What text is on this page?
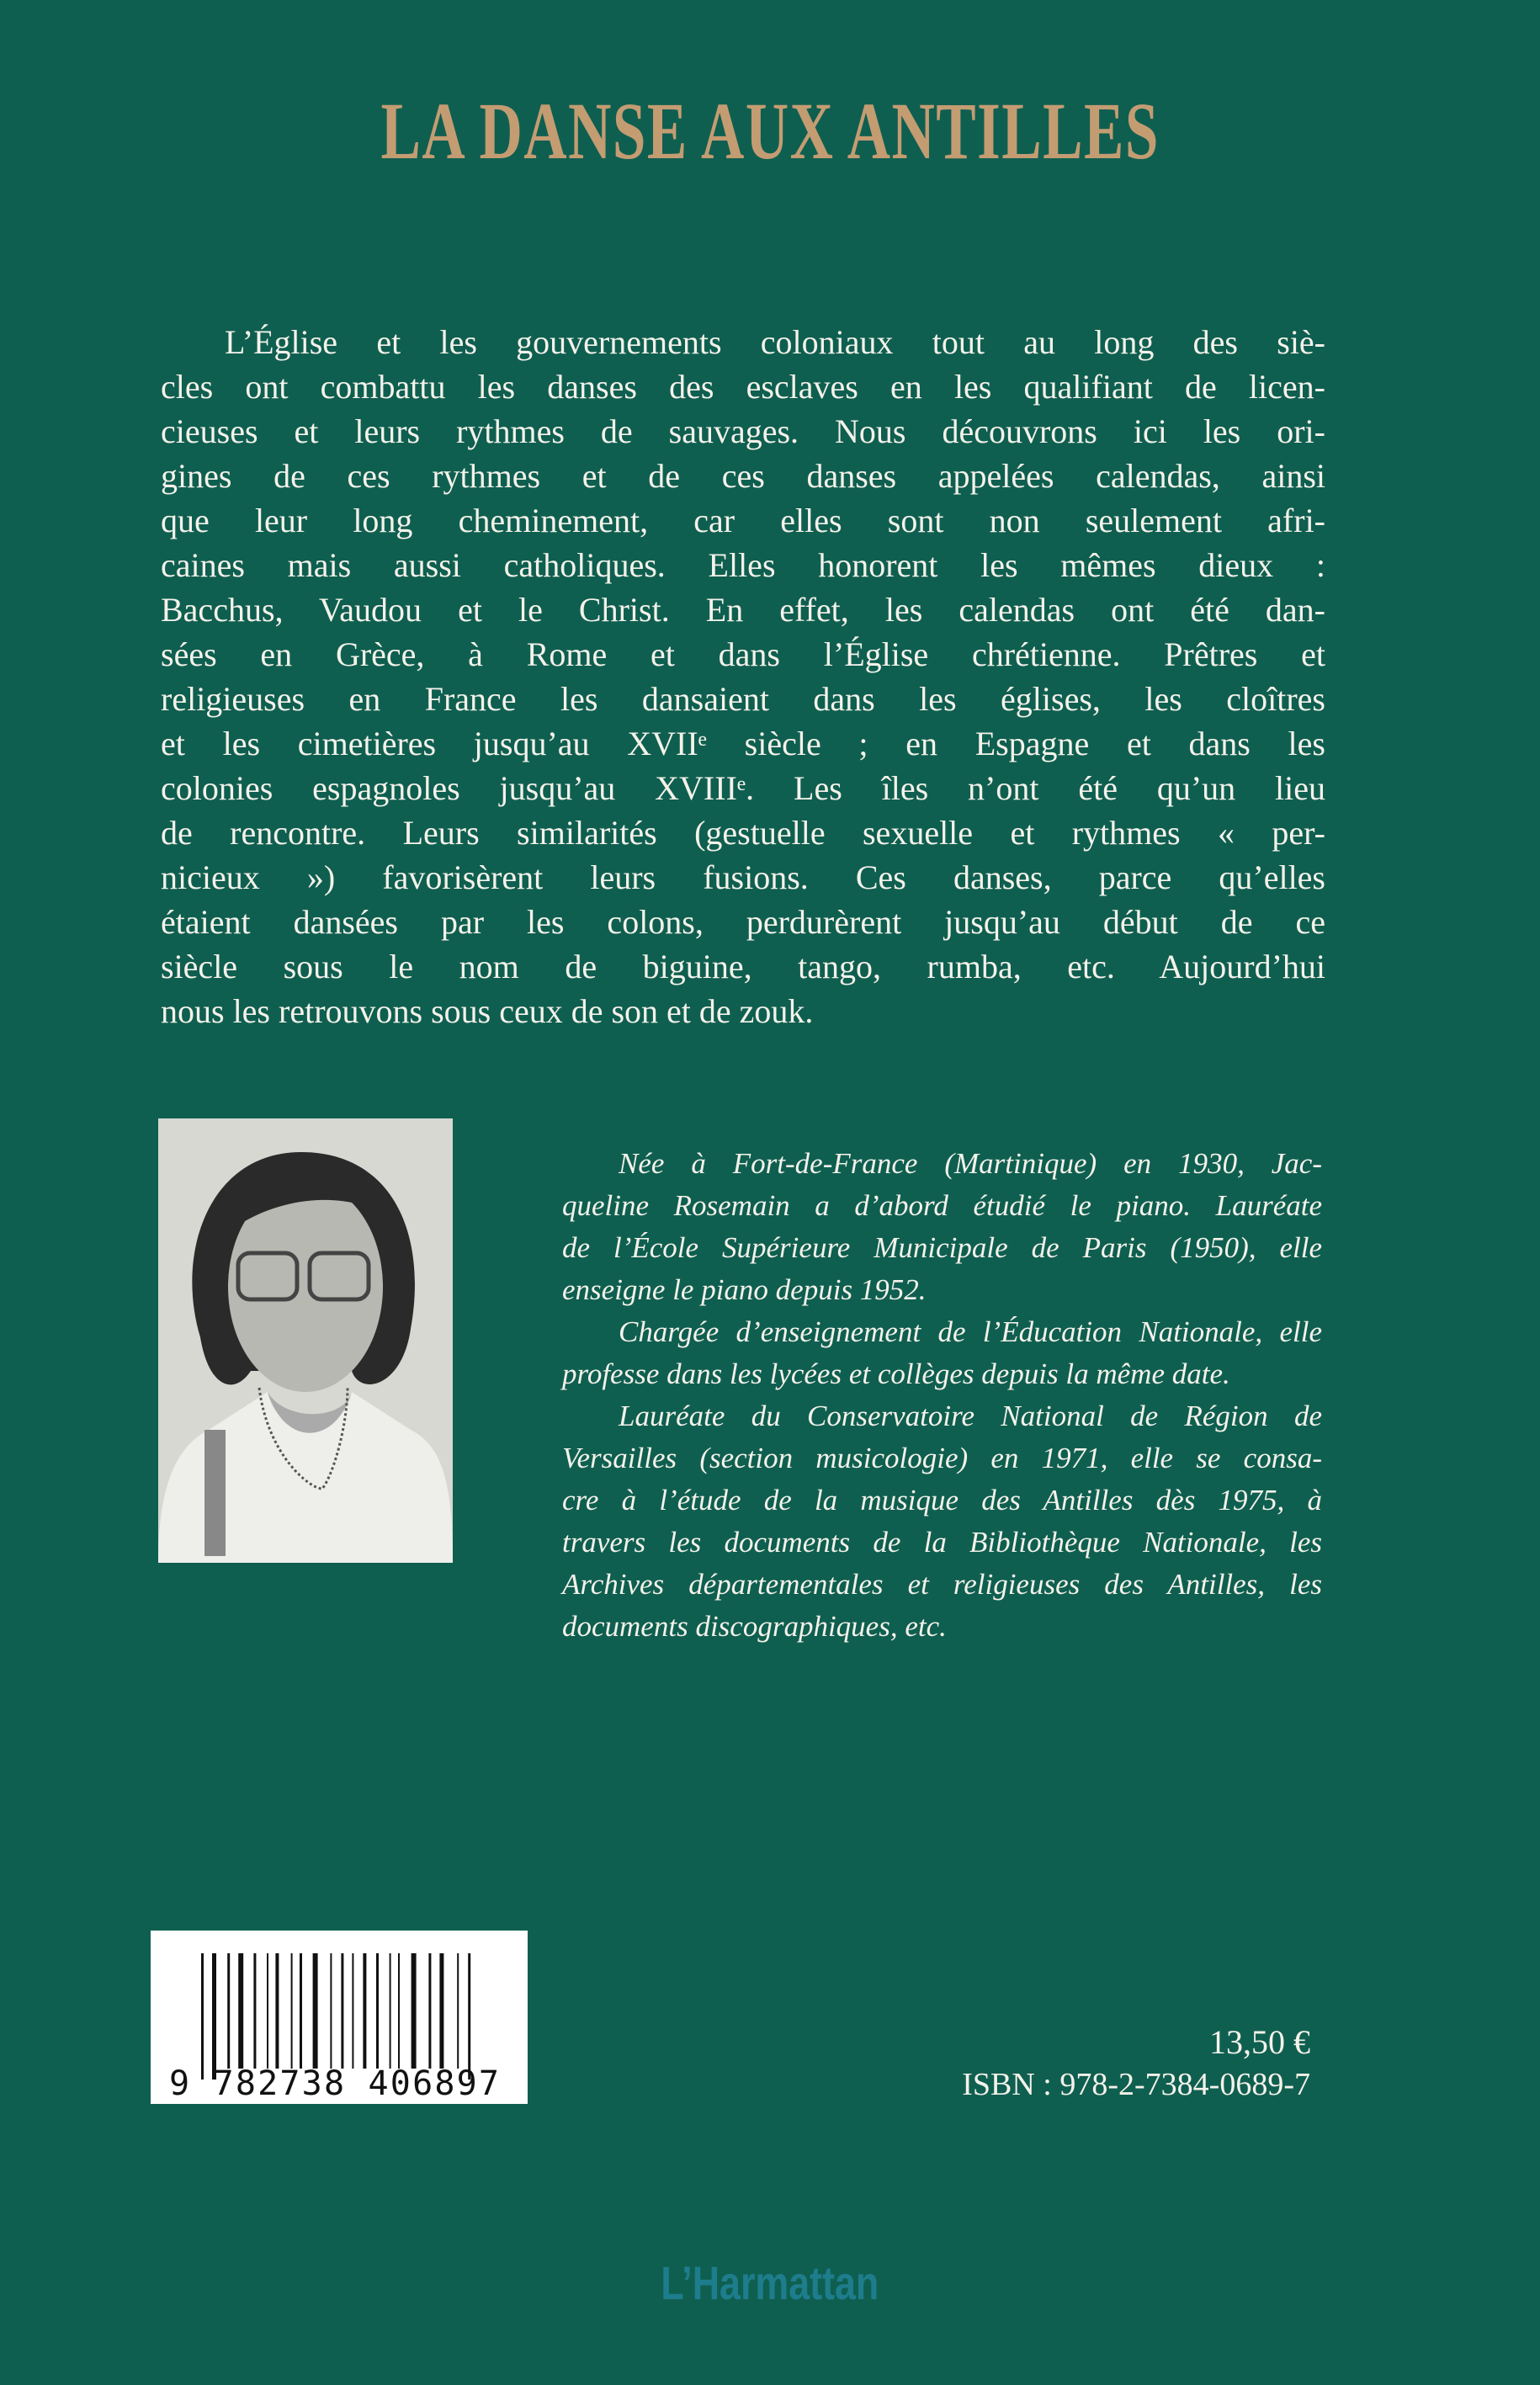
LA DANSE AUX ANTILLES
L’Église et les gouvernements coloniaux tout au long des siè-
cles ont combattu les danses des esclaves en les qualifiant de licen-
cieuses et leurs rythmes de sauvages. Nous découvrons ici les ori-
gines de ces rythmes et de ces danses appelées calendas, ainsi
que leur long cheminement, car elles sont non seulement afri-
caines mais aussi catholiques. Elles honorent les mêmes dieux :
Bacchus, Vaudou et le Christ. En effet, les calendas ont été dan-
sées en Grèce, à Rome et dans l’Église chrétienne. Prêtres et
religieuses en France les dansaient dans les églises, les cloîtres
et les cimetières jusqu’au XVIIᵉ siècle ; en Espagne et dans les
colonies espagnoles jusqu’au XVIIIᵉ. Les îles n’ont été qu’un lieu
de rencontre. Leurs similarités (gestuelle sexuelle et rythmes « per-
nicieux ») favorisèrent leurs fusions. Ces danses, parce qu’elles
étaient dansées par les colons, perdurèrent jusqu’au début de ce
siècle sous le nom de biguine, tango, rumba, etc. Aujourd’hui
nous les retrouvons sous ceux de son et de zouk.
Née à Fort-de-France (Martinique) en 1930, Jac-
queline Rosemain a d’abord étudié le piano. Lauréate
de l’École Supérieure Municipale de Paris (1950), elle
enseigne le piano depuis 1952.
Chargée d’enseignement de l’Éducation Nationale, elle
professe dans les lycées et collèges depuis la même date.
Lauréate du Conservatoire National de Région de
Versailles (section musicologie) en 1971, elle se consa-
cre à l’étude de la musique des Antilles dès 1975, à
travers les documents de la Bibliothèque Nationale, les
Archives départementales et religieuses des Antilles, les
documents discographiques, etc.
9 782738 406897
13,50 €
ISBN : 978-2-7384-0689-7
L’Harmattan
